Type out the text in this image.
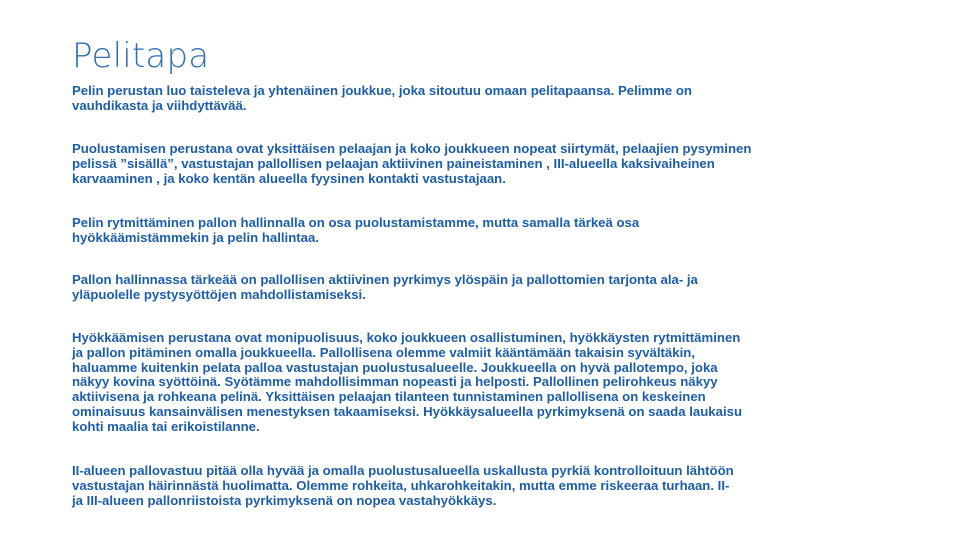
Pelitapa

Pelin perustan luo taisteleva ja yhtenäinen joukkue, joka sitoutuu omaan pelitapaansa. Pelimme on
vauhdikasta ja viihdyttävää.

Puolustamisen perustana ovat yksittäisen pelaajan ja koko joukkueen nopeat siirtymät, pelaajien pysyminen
pelissä ”sisällä”, vastustajan pallollisen pelaajan aktiivinen paineistaminen , III-alueella kaksivaiheinen
karvaaminen , ja koko kentän alueella fyysinen kontakti vastustajaan.

Pelin rytmittäminen pallon hallinnalla on osa puolustamistamme, mutta samalla tärkeä osa
hyökkäämistämmekin ja pelin hallintaa.

Pallon hallinnassa tärkeää on pallollisen aktiivinen pyrkimys ylöspäin ja pallottomien tarjonta ala- ja
yläpuolelle pystysyöttöjen mahdollistamiseksi.

Hyökkäämisen perustana ovat monipuolisuus, koko joukkueen osallistuminen, hyökkäysten rytmittäminen
ja pallon pitäminen omalla joukkueella. Pallollisena olemme valmiit kääntämään takaisin syvältäkin,
haluamme kuitenkin pelata palloa vastustajan puolustusalueelle. Joukkueella on hyvä pallotempo, joka
näkyy kovina syöttöinä. Syötämme mahdollisimman nopeasti ja helposti. Pallollinen pelirohkeus näkyy
aktiivisena ja rohkeana pelinä. Yksittäisen pelaajan tilanteen tunnistaminen pallollisena on keskeinen
ominaisuus kansainvälisen menestyksen takaamiseksi. Hyökkäysalueella pyrkimyksenä on saada laukaisu
kohti maalia tai erikoistilanne.

II-alueen pallovastuu pitää olla hyvää ja omalla puolustusalueella uskallusta pyrkiä kontrolloituun lähtöön
vastustajan häirinnästä huolimatta. Olemme rohkeita, uhkarohkeitakin, mutta emme riskeeraa turhaan. II-
ja III-alueen pallonriistoista pyrkimyksenä on nopea vastahyökkäys.
